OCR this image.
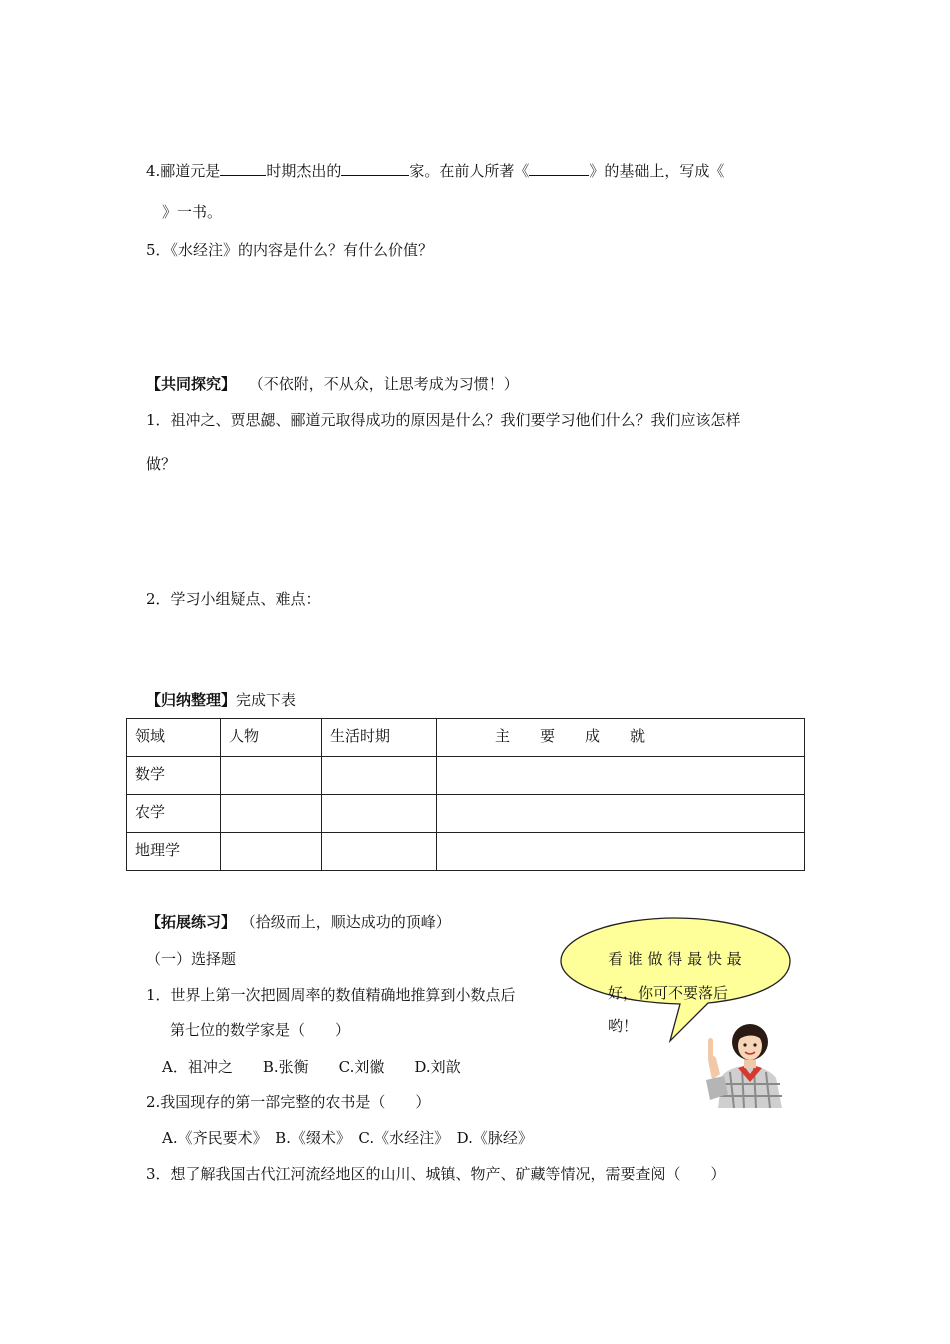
4.郦道元是	时期杰出的	家。在前人所著《	》的基础上，写成《
》一书。
5．《水经注》的内容是什么？有什么价值？
【共同探究】 （不依附，不从众，让思考成为习惯！）
1．祖冲之、贾思勰、郦道元取得成功的原因是什么？我们要学习他们什么？我们应该怎样
做？
2．学习小组疑点、难点：
【归纳整理】完成下表
领域	人物	生活时期	主　　要　　成　　就
数学			
农学			
地理学			
【拓展练习】 （拾级而上，顺达成功的顶峰）
（一）选择题
1．世界上第一次把圆周率的数值精确地推算到小数点后
第七位的数学家是（　　）
A．祖冲之　　B.张衡　　C.刘徽　　D.刘歆
2.我国现存的第一部完整的农书是（　　）
A.《齐民要术》　B.《缀术》　C.《水经注》　D.《脉经》
3．想了解我国古代江河流经地区的山川、城镇、物产、矿藏等情况，需要查阅（　　）
看 谁 做 得 最 快 最
好，你可不要落后
哟！
